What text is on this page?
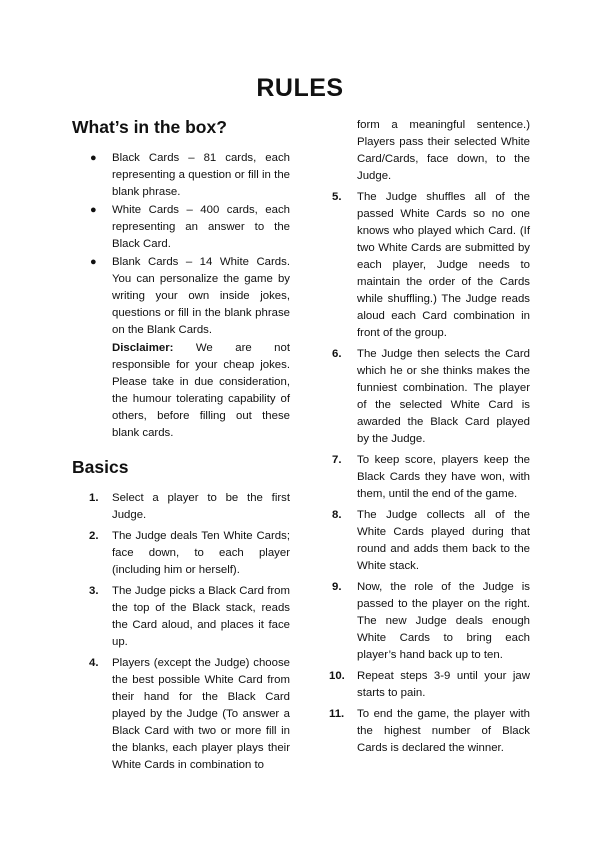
RULES
What’s in the box?
● Black Cards – 81 cards, each representing a question or fill in the blank phrase.
● White Cards – 400 cards, each representing an answer to the Black Card.
● Blank Cards – 14 White Cards. You can personalize the game by writing your own inside jokes, questions or fill in the blank phrase on the Blank Cards.
Disclaimer: We are not responsible for your cheap jokes. Please take in due consideration, the humour tolerating capability of others, before filling out these blank cards.
Basics
1.	Select a player to be the first Judge.
2.	The Judge deals Ten White Cards; face down, to each player (including him or herself).
3.	The Judge picks a Black Card from the top of the Black stack, reads the Card aloud, and places it face up.
4.	Players (except the Judge) choose the best possible White Card from their hand for the Black Card played by the Judge (To answer a Black Card with two or more fill in the blanks, each player plays their White Cards in combination to
form a meaningful sentence.) Players pass their selected White Card/Cards, face down, to the Judge.
5.	The Judge shuffles all of the passed White Cards so no one knows who played which Card. (If two White Cards are submitted by each player, Judge needs to maintain the order of the Cards while shuffling.) The Judge reads aloud each Card combination in front of the group.
6.	The Judge then selects the Card which he or she thinks makes the funniest combination. The player of the selected White Card is awarded the Black Card played by the Judge.
7.	To keep score, players keep the Black Cards they have won, with them, until the end of the game.
8.	The Judge collects all of the White Cards played during that round and adds them back to the White stack.
9.	Now, the role of the Judge is passed to the player on the right. The new Judge deals enough White Cards to bring each player’s hand back up to ten.
10.	Repeat steps 3-9 until your jaw starts to pain.
11.	To end the game, the player with the highest number of Black Cards is declared the winner.
